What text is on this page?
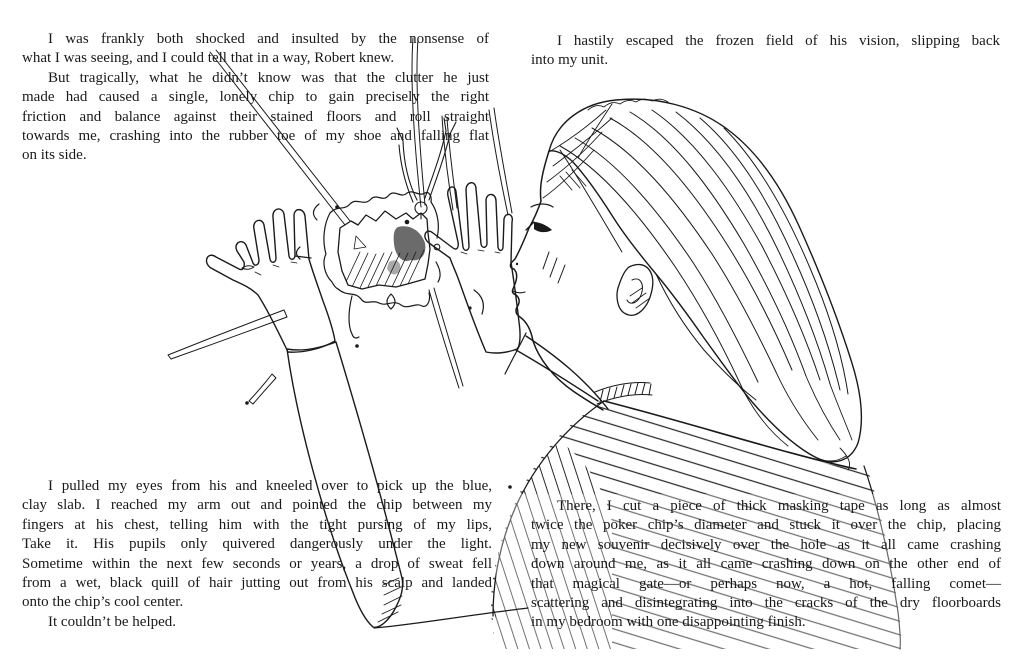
I was frankly both shocked and insulted by the nonsense of
what I was seeing, and I could tell that in a way, Robert knew.
But tragically, what he didn’t know was that the clutter he just
made had caused a single, lonely chip to gain precisely the right
friction and balance against their stained floors and roll straight
towards me, crashing into the rubber toe of my shoe and falling flat
on its side.
I hastily escaped the frozen field of his vision, slipping back
into my unit.
I pulled my eyes from his and kneeled over to pick up the blue,
clay slab. I reached my arm out and pointed the chip between my
fingers at his chest, telling him with the tight pursing of my lips,
Take it. His pupils only quivered dangerously under the light.
Sometime within the next few seconds or years, a drop of sweat fell
from a wet, black quill of hair jutting out from his scalp and landed
onto the chip’s cool center.
It couldn’t be helped.
There, I cut a piece of thick masking tape as long as almost
twice the poker chip’s diameter and stuck it over the chip, placing
my new souvenir decisively over the hole as it all came crashing
down around me, as it all came crashing down on the other end of
that magical gate—or perhaps now, a hot, falling comet—
scattering and disintegrating into the cracks of the dry floorboards
in my bedroom with one disappointing finish.
